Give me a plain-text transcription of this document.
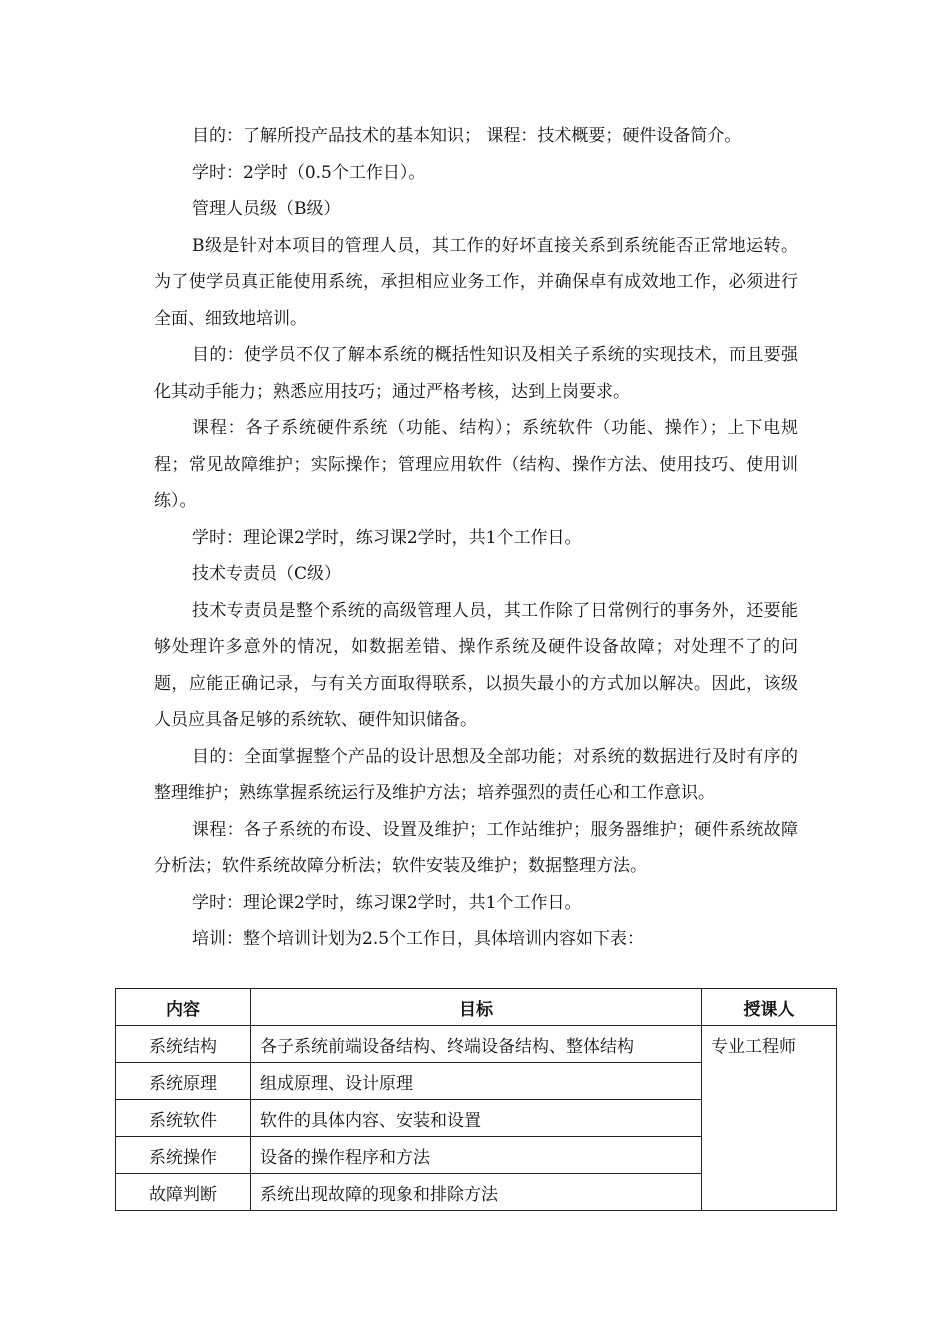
目的：了解所投产品技术的基本知识； 课程：技术概要；硬件设备简介。

学时：2学时（0.5个工作日）。

管理人员级（B级）

B级是针对本项目的管理人员，其工作的好坏直接关系到系统能否正常地运转。为了使学员真正能使用系统，承担相应业务工作，并确保卓有成效地工作，必须进行全面、细致地培训。

目的：使学员不仅了解本系统的概括性知识及相关子系统的实现技术，而且要强化其动手能力；熟悉应用技巧；通过严格考核，达到上岗要求。

课程：各子系统硬件系统（功能、结构）；系统软件（功能、操作）；上下电规程；常见故障维护；实际操作；管理应用软件（结构、操作方法、使用技巧、使用训练）。

学时：理论课2学时，练习课2学时，共1个工作日。

技术专责员（C级）

技术专责员是整个系统的高级管理人员，其工作除了日常例行的事务外，还要能够处理许多意外的情况，如数据差错、操作系统及硬件设备故障；对处理不了的问题，应能正确记录，与有关方面取得联系，以损失最小的方式加以解决。因此，该级人员应具备足够的系统软、硬件知识储备。

目的：全面掌握整个产品的设计思想及全部功能；对系统的数据进行及时有序的整理维护；熟练掌握系统运行及维护方法；培养强烈的责任心和工作意识。

课程：各子系统的布设、设置及维护；工作站维护；服务器维护；硬件系统故障分析法；软件系统故障分析法；软件安装及维护；数据整理方法。

学时：理论课2学时，练习课2学时，共1个工作日。

培训：整个培训计划为2.5个工作日，具体培训内容如下表：

内容	目标	授课人
系统结构	各子系统前端设备结构、终端设备结构、整体结构	专业工程师
系统原理	组成原理、设计原理	
系统软件	软件的具体内容、安装和设置	
系统操作	设备的操作程序和方法	
故障判断	系统出现故障的现象和排除方法	
